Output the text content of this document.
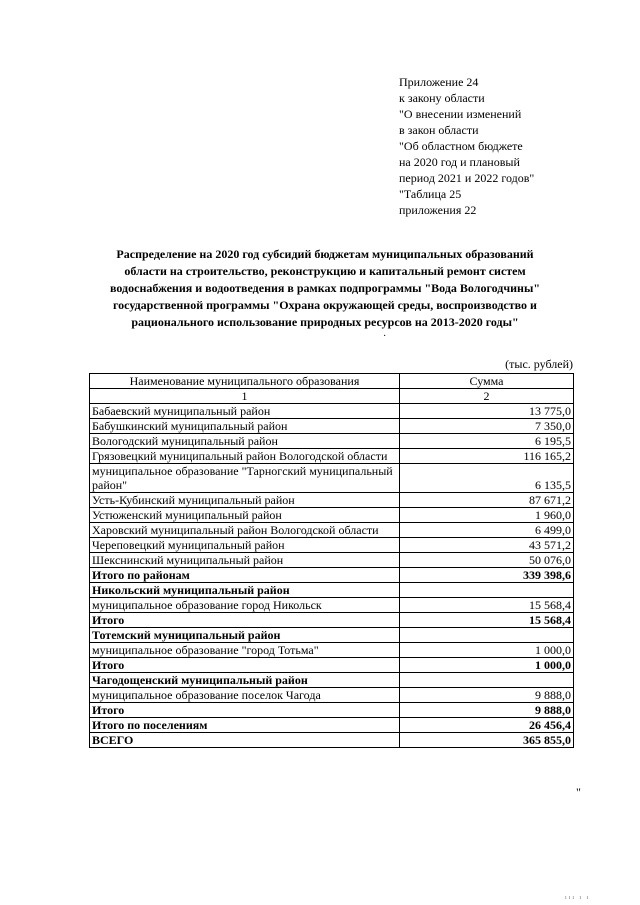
Приложение 24
к закону области
"О внесении изменений
в закон области
"Об областном бюджете
на 2020 год и плановый
период 2021 и 2022 годов"
"Таблица 25
приложения 22
Распределение на 2020 год субсидий бюджетам муниципальных образований
области на строительство, реконструкцию и капитальный ремонт систем
водоснабжения и водоотведения в рамках подпрограммы "Вода Вологодчины"
государственной программы "Охрана окружающей среды, воспроизводство и
рационального использование природных ресурсов на 2013-2020 годы"
·
(тыс. рублей)
Наименование муниципального образования	Сумма
1	2
Бабаевский муниципальный район	13 775,0
Бабушкинский муниципальный район	7 350,0
Вологодский муниципальный район	6 195,5
Грязовецкий муниципальный район Вологодской области	116 165,2
муниципальное образование "Тарногский муниципальный район"	6 135,5
Усть-Кубинский муниципальный район	87 671,2
Устюженский муниципальный район	1 960,0
Харовский муниципальный район Вологодской области	6 499,0
Череповецкий муниципальный район	43 571,2
Шекснинский муниципальный район	50 076,0
Итого по районам	339 398,6
Никольский муниципальный район	
муниципальное образование город Никольск	15 568,4
Итого	15 568,4
Тотемский муниципальный район	
муниципальное образование "город Тотьма"	1 000,0
Итого	1 000,0
Чагодощенский муниципальный район	
муниципальное образование поселок Чагода	9 888,0
Итого	9 888,0
Итого по поселениям	26 456,4
ВСЕГО	365 855,0
"
ııı ı ı
